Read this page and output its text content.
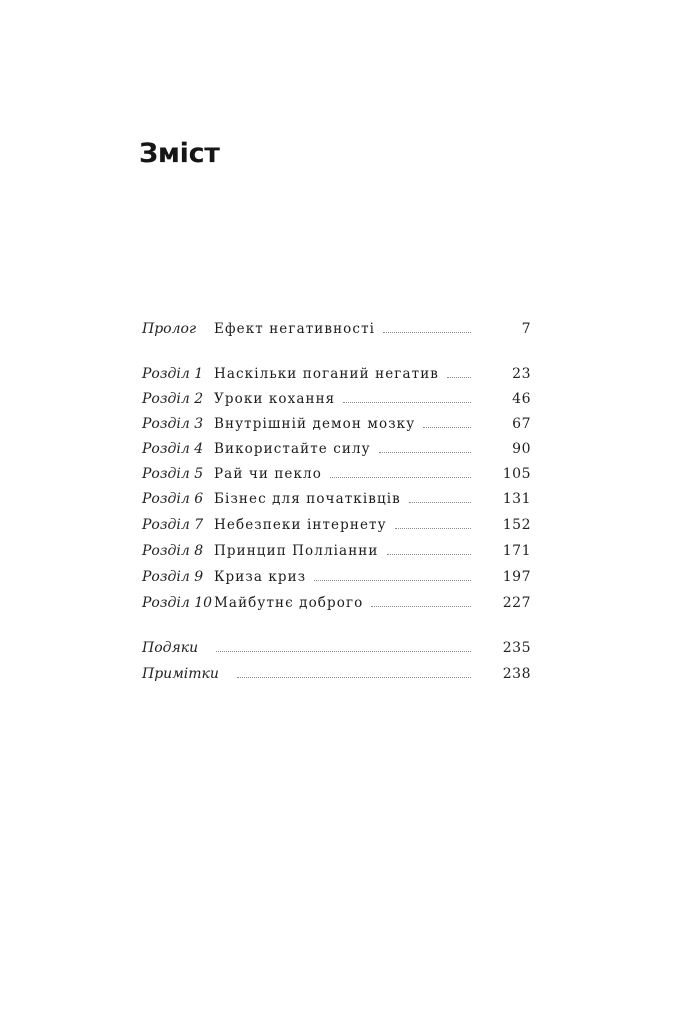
Зміст
Пролог	Ефект негативності	7
Розділ 1 Наскільки поганий негатив	23
Розділ 2 Уроки кохання	46
Розділ 3 Внутрішній демон мозку	67
Розділ 4 Використайте силу	90
Розділ 5 Рай чи пекло	105
Розділ 6 Бізнес для початківців	131
Розділ 7 Небезпеки інтернету	152
Розділ 8 Принцип Полліанни	171
Розділ 9 Криза криз	197
Розділ 10 Майбутнє доброго	227
Подяки	235
Примітки	238
